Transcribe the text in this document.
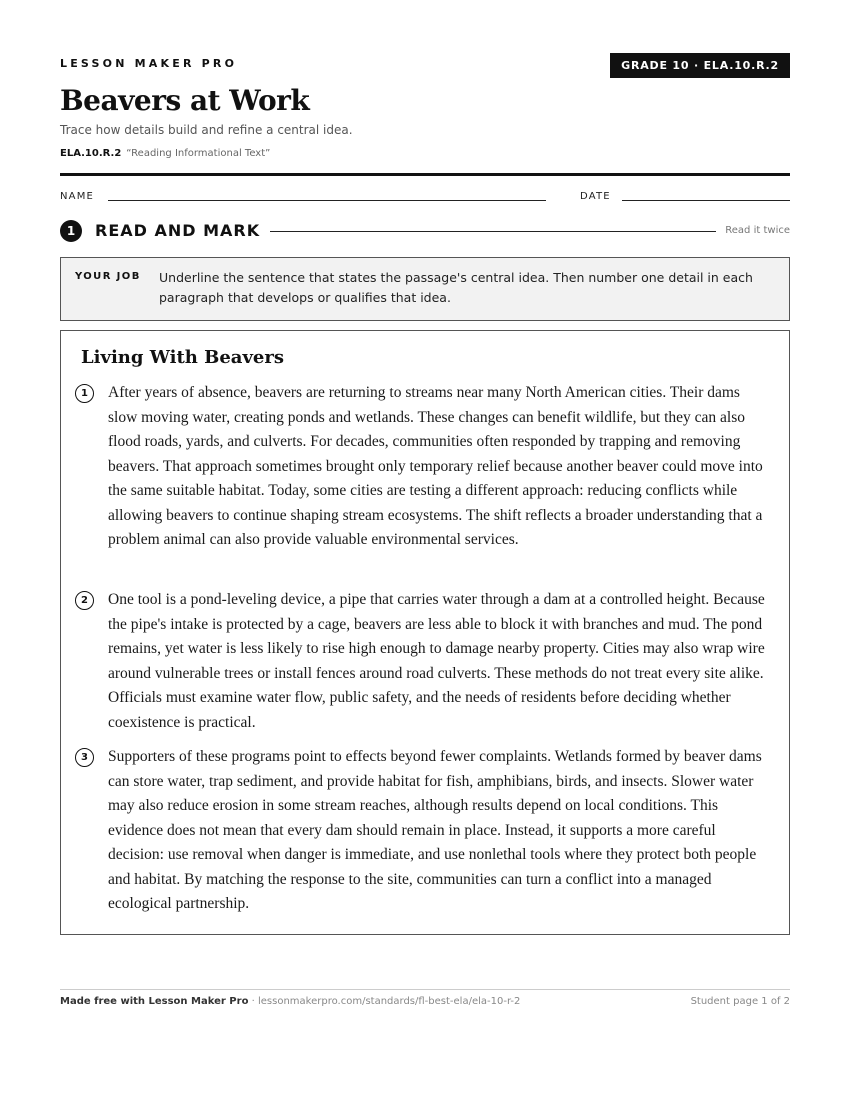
LESSON MAKER PRO	GRADE 10 · ELA.10.R.2
Beavers at Work
Trace how details build and refine a central idea.
ELA.10.R.2 “Reading Informational Text”
NAME	DATE
1	READ AND MARK	Read it twice
YOUR JOB Underline the sentence that states the passage's central idea. Then number one detail in each paragraph that develops or qualifies that idea.
Living With Beavers
1	After years of absence, beavers are returning to streams near many North American cities. Their dams slow moving water, creating ponds and wetlands. These changes can benefit wildlife, but they can also flood roads, yards, and culverts. For decades, communities often responded by trapping and removing beavers. That approach sometimes brought only temporary relief because another beaver could move into the same suitable habitat. Today, some cities are testing a different approach: reducing conflicts while allowing beavers to continue shaping stream ecosystems. The shift reflects a broader understanding that a problem animal can also provide valuable environmental services.

2	One tool is a pond-leveling device, a pipe that carries water through a dam at a controlled height. Because the pipe's intake is protected by a cage, beavers are less able to block it with branches and mud. The pond remains, yet water is less likely to rise high enough to damage nearby property. Cities may also wrap wire around vulnerable trees or install fences around road culverts. These methods do not treat every site alike. Officials must examine water flow, public safety, and the needs of residents before deciding whether coexistence is practical.

3	Supporters of these programs point to effects beyond fewer complaints. Wetlands formed by beaver dams can store water, trap sediment, and provide habitat for fish, amphibians, birds, and insects. Slower water may also reduce erosion in some stream reaches, although results depend on local conditions. This evidence does not mean that every dam should remain in place. Instead, it supports a more careful decision: use removal when danger is immediate, and use nonlethal tools where they protect both people and habitat. By matching the response to the site, communities can turn a conflict into a managed ecological partnership.

Made free with Lesson Maker Pro · lessonmakerpro.com/standards/fl-best-ela/ela-10-r-2	Student page 1 of 2
